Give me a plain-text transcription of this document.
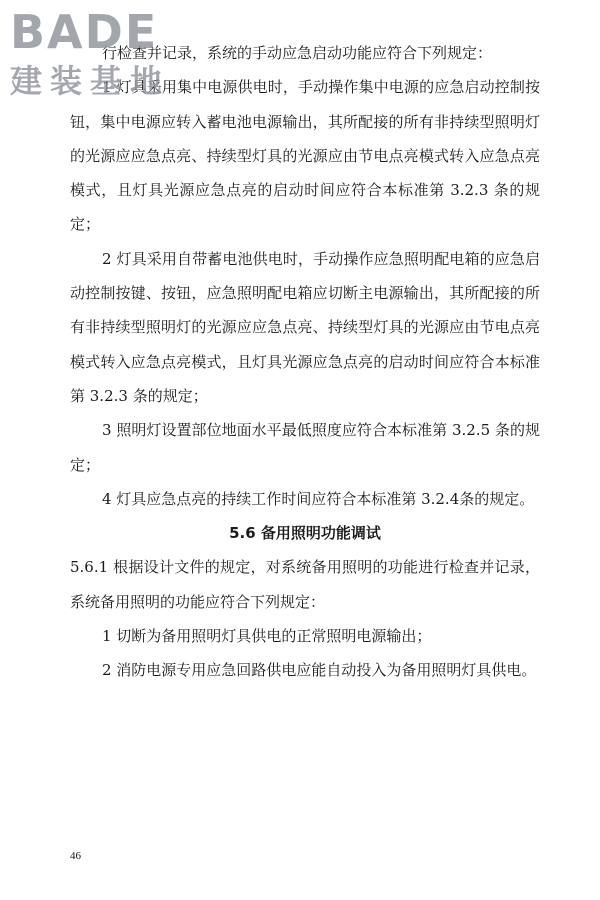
BADE
建装基地

行检查并记录，系统的手动应急启动功能应符合下列规定：

1 灯具采用集中电源供电时，手动操作集中电源的应急启动控制按钮，集中电源应转入蓄电池电源输出，其所配接的所有非持续型照明灯的光源应应急点亮、持续型灯具的光源应由节电点亮模式转入应急点亮模式，且灯具光源应急点亮的启动时间应符合本标准第 3.2.3 条的规定；

2 灯具采用自带蓄电池供电时，手动操作应急照明配电箱的应急启动控制按键、按钮，应急照明配电箱应切断主电源输出，其所配接的所有非持续型照明灯的光源应应急点亮、持续型灯具的光源应由节电点亮模式转入应急点亮模式，且灯具光源应急点亮的启动时间应符合本标准第 3.2.3 条的规定；

3 照明灯设置部位地面水平最低照度应符合本标准第 3.2.5 条的规定；

4 灯具应急点亮的持续工作时间应符合本标准第 3.2.4条的规定。

5.6 备用照明功能调试

5.6.1 根据设计文件的规定，对系统备用照明的功能进行检查并记录，系统备用照明的功能应符合下列规定：

1 切断为备用照明灯具供电的正常照明电源输出；

2 消防电源专用应急回路供电应能自动投入为备用照明灯具供电。

46
